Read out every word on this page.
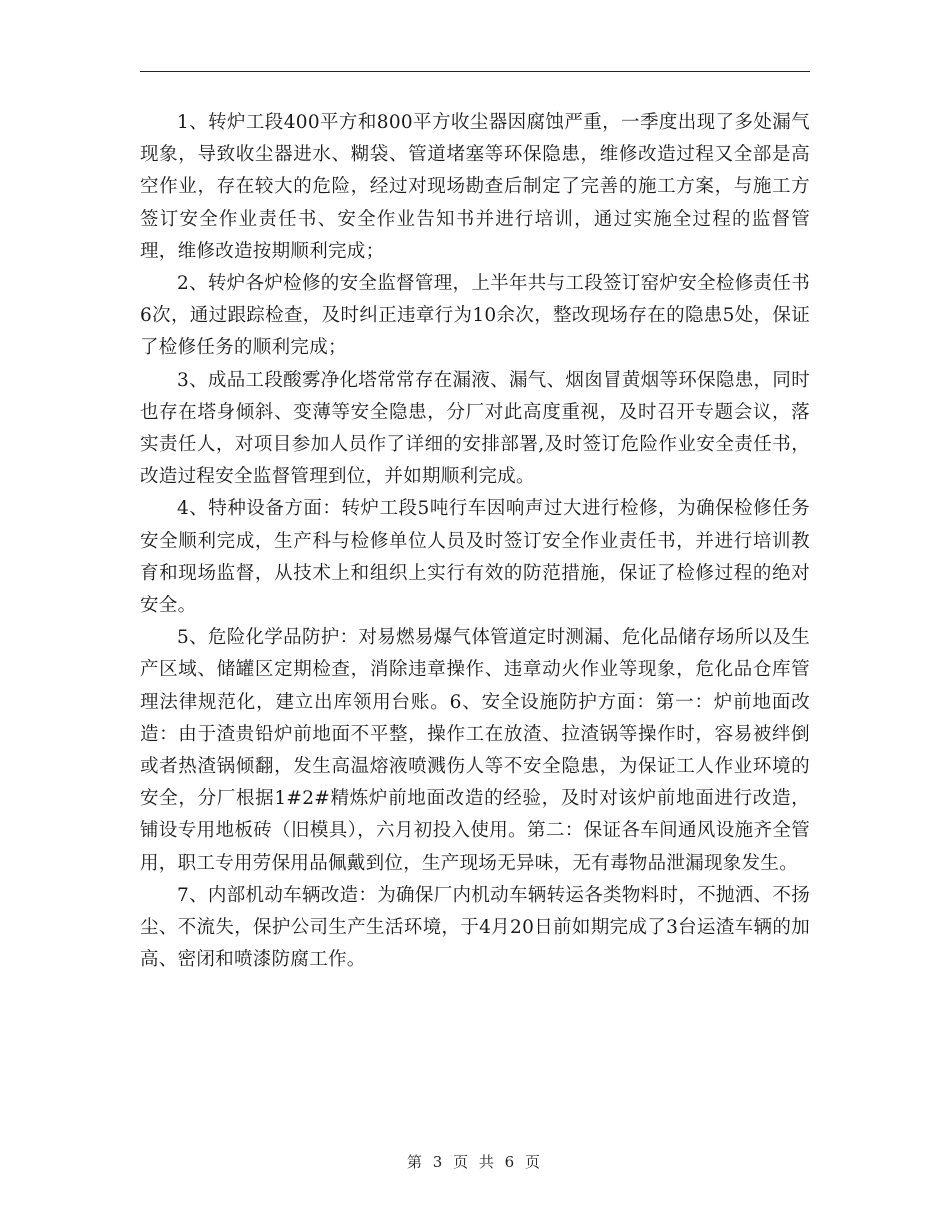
1、转炉工段400平方和800平方收尘器因腐蚀严重，一季度出现了多处漏气现象，导致收尘器进水、糊袋、管道堵塞等环保隐患，维修改造过程又全部是高空作业，存在较大的危险，经过对现场勘查后制定了完善的施工方案，与施工方签订安全作业责任书、安全作业告知书并进行培训，通过实施全过程的监督管理，维修改造按期顺利完成；

2、转炉各炉检修的安全监督管理，上半年共与工段签订窑炉安全检修责任书6次，通过跟踪检查，及时纠正违章行为10余次，整改现场存在的隐患5处，保证了检修任务的顺利完成；

3、成品工段酸雾净化塔常常存在漏液、漏气、烟囱冒黄烟等环保隐患，同时也存在塔身倾斜、变薄等安全隐患，分厂对此高度重视，及时召开专题会议，落实责任人，对项目参加人员作了详细的安排部署,及时签订危险作业安全责任书，改造过程安全监督管理到位，并如期顺利完成。

4、特种设备方面：转炉工段5吨行车因响声过大进行检修，为确保检修任务安全顺利完成，生产科与检修单位人员及时签订安全作业责任书，并进行培训教育和现场监督，从技术上和组织上实行有效的防范措施，保证了检修过程的绝对安全。

5、危险化学品防护：对易燃易爆气体管道定时测漏、危化品储存场所以及生产区域、储罐区定期检查，消除违章操作、违章动火作业等现象，危化品仓库管理法律规范化，建立出库领用台账。6、安全设施防护方面：第一：炉前地面改造：由于渣贵铅炉前地面不平整，操作工在放渣、拉渣锅等操作时，容易被绊倒或者热渣锅倾翻，发生高温熔液喷溅伤人等不安全隐患，为保证工人作业环境的安全，分厂根据1#2#精炼炉前地面改造的经验，及时对该炉前地面进行改造，铺设专用地板砖（旧模具），六月初投入使用。第二：保证各车间通风设施齐全管用，职工专用劳保用品佩戴到位，生产现场无异味，无有毒物品泄漏现象发生。

7、内部机动车辆改造：为确保厂内机动车辆转运各类物料时，不抛洒、不扬尘、不流失，保护公司生产生活环境，于4月20日前如期完成了3台运渣车辆的加高、密闭和喷漆防腐工作。

第 3 页 共 6 页
